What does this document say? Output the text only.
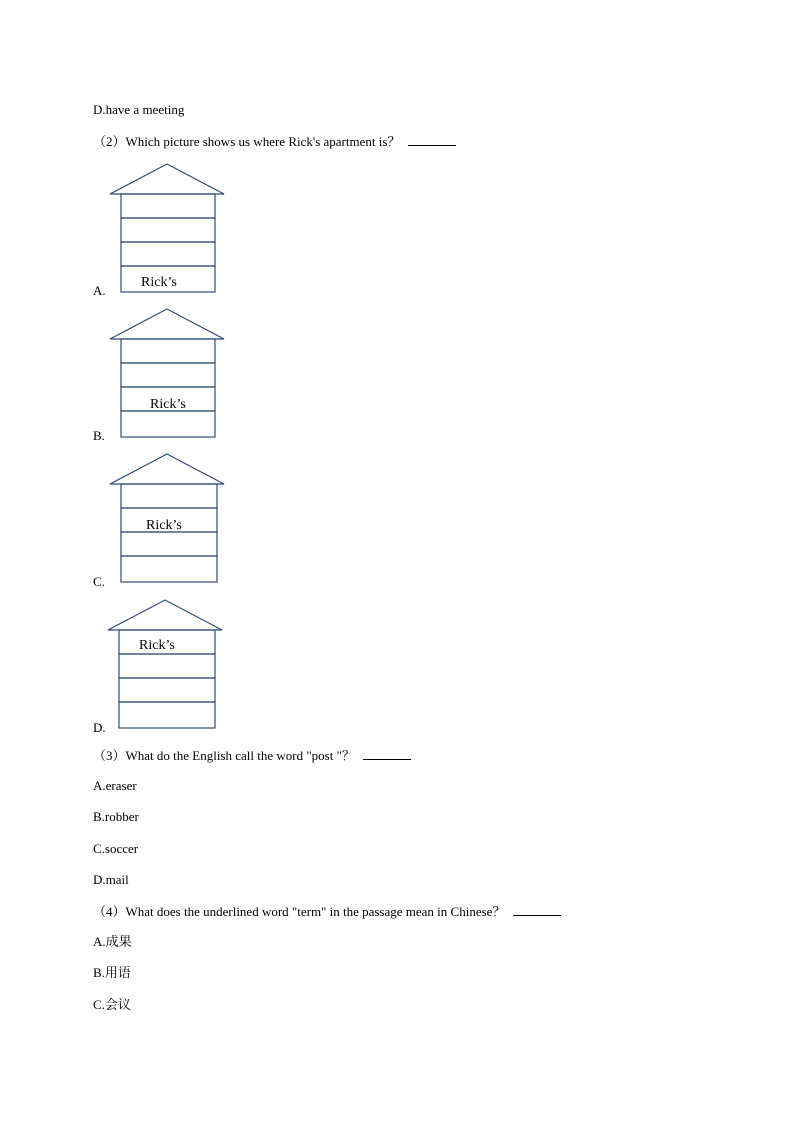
D.have a meeting
（2）Which picture shows us where Rick's apartment is？
Rick’s
A.
Rick’s
B.
Rick’s
C.
Rick’s
D.
（3）What do the English call the word "post "？
A.eraser
B.robber
C.soccer
D.mail
（4）What does the underlined word "term" in the passage mean in Chinese？
A.成果
B.用语
C.会议
